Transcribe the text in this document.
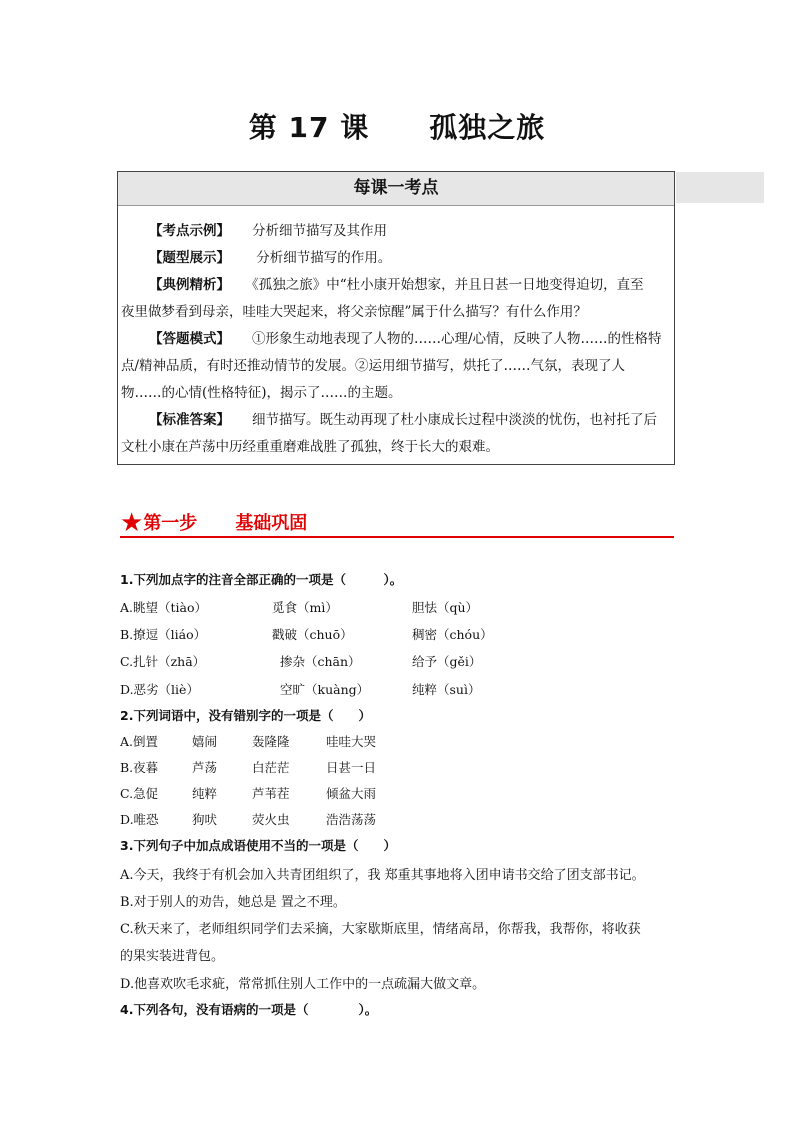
第 17 课 孤独之旅
每课一考点

【考点示例】 分析细节描写及其作用

【题型展示】 分析细节描写的作用。

【典例精析】 《孤独之旅》中“杜小康开始想家，并且日甚一日地变得迫切，直至

夜里做梦看到母亲，哇哇大哭起来，将父亲惊醒”属于什么描写？有什么作用？

【答题模式】 ①形象生动地表现了人物的……心理/心情，反映了人物……的性格特

点/精神品质，有时还推动情节的发展。②运用细节描写，烘托了……气氛，表现了人

物……的心情(性格特征)，揭示了……的主题。

【标准答案】 细节描写。既生动再现了杜小康成长过程中淡淡的忧伤，也衬托了后

文杜小康在芦荡中历经重重磨难战胜了孤独，终于长大的艰难。

★第一步 基础巩固
1.下列加点字的注音全部正确的一项是（　　　）。
A.眺望（tiào）	觅食（mì）	胆怯（qù）
B.撩逗（liáo）	戳破（chuō）	稠密（chóu）
C.扎针（zhā）	掺杂（chān）	给予（gěi）
D.恶劣（liè）	空旷（kuàng）	纯粹（suì）
2.下列词语中，没有错别字的一项是（　　）
A.倒置	嬉闹	轰隆隆	哇哇大哭
B.夜暮	芦荡	白茫茫	日甚一日
C.急促	纯粹	芦苇茬	倾盆大雨
D.唯恐	狗吠	荧火虫	浩浩荡荡
3.下列句子中加点成语使用不当的一项是（　　）
A.今天，我终于有机会加入共青团组织了，我 郑重其事地将入团申请书交给了团支部书记。
B.对于别人的劝告，她总是 置之不理。
C.秋天来了，老师组织同学们去采摘，大家歇斯底里，情绪高昂，你帮我，我帮你，将收获
的果实装进背包。
D.他喜欢吹毛求疵，常常抓住别人工作中的一点疏漏大做文章。
4.下列各句，没有语病的一项是（　　　　）。
